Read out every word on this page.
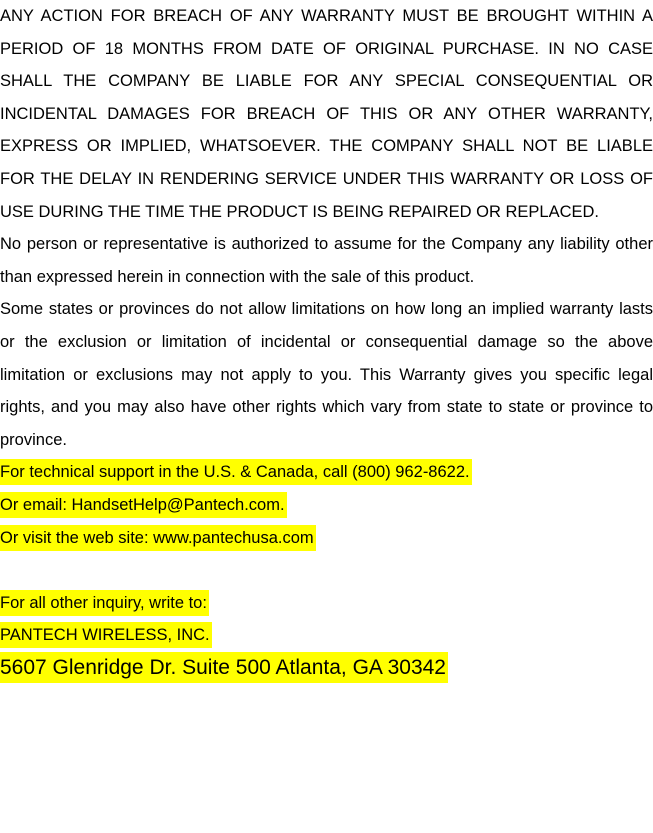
ANY ACTION FOR BREACH OF ANY WARRANTY MUST BE BROUGHT WITHIN A PERIOD OF 18 MONTHS FROM DATE OF ORIGINAL PURCHASE. IN NO CASE SHALL THE COMPANY BE LIABLE FOR ANY SPECIAL CONSEQUENTIAL OR INCIDENTAL DAMAGES FOR BREACH OF THIS OR ANY OTHER WARRANTY, EXPRESS OR IMPLIED, WHATSOEVER. THE COMPANY SHALL NOT BE LIABLE FOR THE DELAY IN RENDERING SERVICE UNDER THIS WARRANTY OR LOSS OF USE DURING THE TIME THE PRODUCT IS BEING REPAIRED OR REPLACED.

No person or representative is authorized to assume for the Company any liability other than expressed herein in connection with the sale of this product.

Some states or provinces do not allow limitations on how long an implied warranty lasts or the exclusion or limitation of incidental or consequential damage so the above limitation or exclusions may not apply to you. This Warranty gives you specific legal rights, and you may also have other rights which vary from state to state or province to province.

For technical support in the U.S. & Canada, call (800) 962-8622.
Or email: HandsetHelp@Pantech.com.
Or visit the web site: www.pantechusa.com
For all other inquiry, write to:
PANTECH WIRELESS, INC.
5607 Glenridge Dr. Suite 500 Atlanta, GA 30342
